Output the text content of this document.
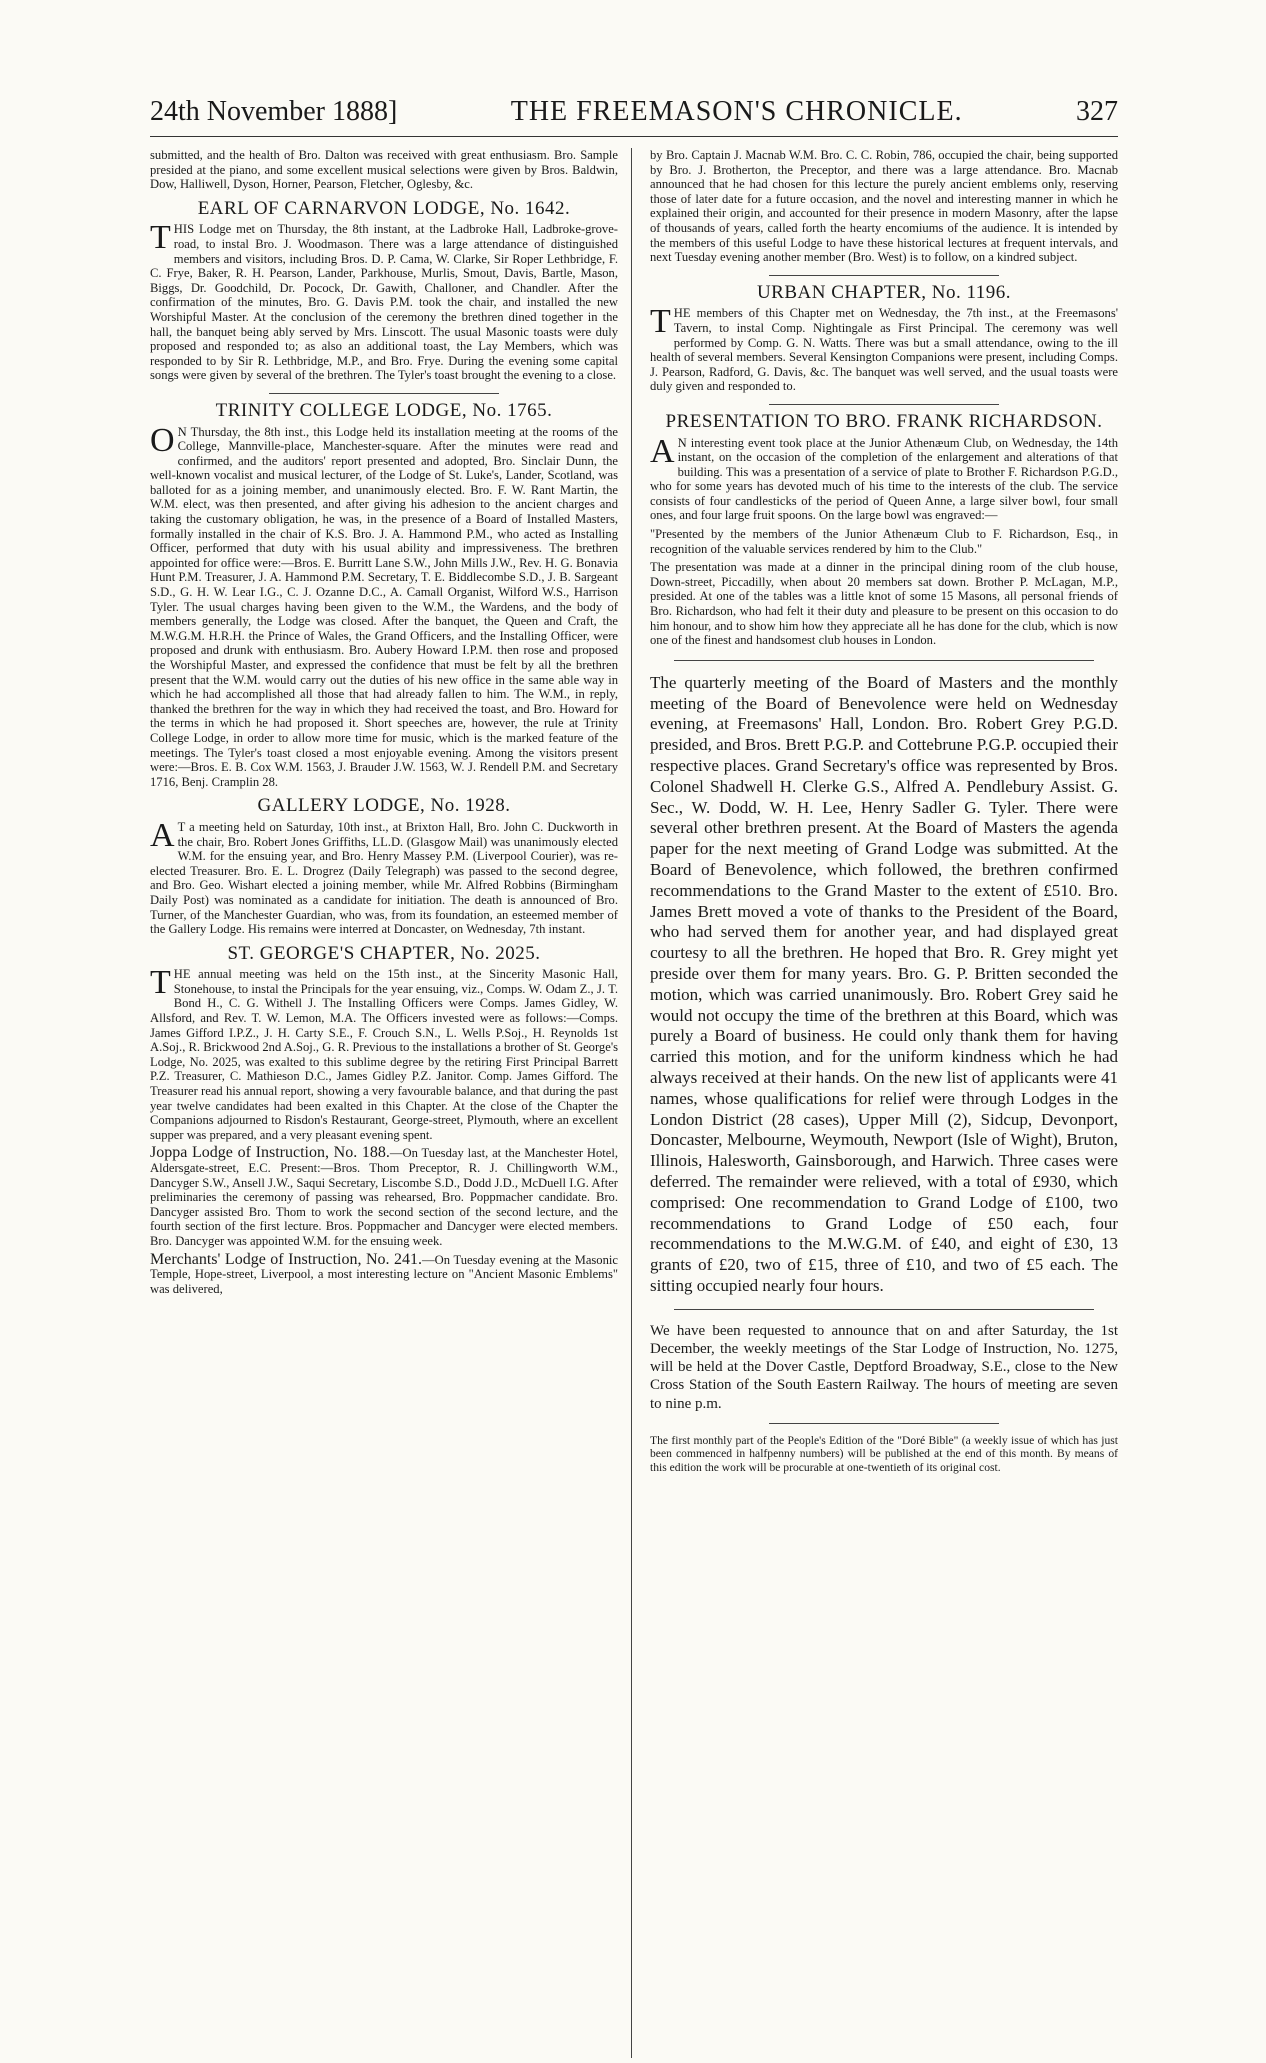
24th November 1888]	THE FREEMASON'S CHRONICLE.	327

submitted, and the health of Bro. Dalton was received with great enthusiasm. Bro. Sample presided at the piano, and some excellent musical selections were given by Bros. Baldwin, Dow, Halliwell, Dyson, Horner, Pearson, Fletcher, Oglesby, &c.

EARL OF CARNARVON LODGE, No. 1642.

THIS Lodge met on Thursday, the 8th instant, at the Ladbroke Hall, Ladbroke-grove-road, to instal Bro. J. Woodmason. There was a large attendance of distinguished members and visitors, including Bros. D. P. Cama, W. Clarke, Sir Roper Lethbridge, F. C. Frye, Baker, R. H. Pearson, Lander, Parkhouse, Murlis, Smout, Davis, Bartle, Mason, Biggs, Dr. Goodchild, Dr. Pocock, Dr. Gawith, Challoner, and Chandler. After the confirmation of the minutes, Bro. G. Davis P.M. took the chair, and installed the new Worshipful Master. At the conclusion of the ceremony the brethren dined together in the hall, the banquet being ably served by Mrs. Linscott. The usual Masonic toasts were duly proposed and responded to; as also an additional toast, the Lay Members, which was responded to by Sir R. Lethbridge, M.P., and Bro. Frye. During the evening some capital songs were given by several of the brethren. The Tyler's toast brought the evening to a close.

TRINITY COLLEGE LODGE, No. 1765.

O N Thursday, the 8th inst., this Lodge held its installation meeting at the rooms of the College, Mannville-place, Manchester-square. After the minutes were read and confirmed, and the auditors' report presented and adopted, Bro. Sinclair Dunn, the well-known vocalist and musical lecturer, of the Lodge of St. Luke's, Lander, Scotland, was balloted for as a joining member, and unanimously elected. Bro. F. W. Rant Martin, the W.M. elect, was then presented, and after giving his adhesion to the ancient charges and taking the customary obligation, he was, in the presence of a Board of Installed Masters, formally installed in the chair of K.S. Bro. J. A. Hammond P.M., who acted as Installing Officer, performed that duty with his usual ability and impressiveness. The brethren appointed for office were:—Bros. E. Burritt Lane S.W., John Mills J.W., Rev. H. G. Bonavia Hunt P.M. Treasurer, J. A. Hammond P.M. Secretary, T. E. Biddlecombe S.D., J. B. Sargeant S.D., G. H. W. Lear I.G., C. J. Ozanne D.C., A. Camall Organist, Wilford W.S., Harrison Tyler. The usual charges having been given to the W.M., the Wardens, and the body of members generally, the Lodge was closed. After the banquet, the Queen and Craft, the M.W.G.M. H.R.H. the Prince of Wales, the Grand Officers, and the Installing Officer, were proposed and drunk with enthusiasm. Bro. Aubery Howard I.P.M. then rose and proposed the Worshipful Master, and expressed the confidence that must be felt by all the brethren present that the W.M. would carry out the duties of his new office in the same able way in which he had accomplished all those that had already fallen to him. The W.M., in reply, thanked the brethren for the way in which they had received the toast, and Bro. Howard for the terms in which he had proposed it. Short speeches are, however, the rule at Trinity College Lodge, in order to allow more time for music, which is the marked feature of the meetings. The Tyler's toast closed a most enjoyable evening. Among the visitors present were:—Bros. E. B. Cox W.M. 1563, J. Brauder J.W. 1563, W. J. Rendell P.M. and Secretary 1716, Benj. Cramplin 28.

GALLERY LODGE, No. 1928.

A T a meeting held on Saturday, 10th inst., at Brixton Hall, Bro. John C. Duckworth in the chair, Bro. Robert Jones Griffiths, LL.D. (Glasgow Mail) was unanimously elected W.M. for the ensuing year, and Bro. Henry Massey P.M. (Liverpool Courier), was re-elected Treasurer. Bro. E. L. Drogrez (Daily Telegraph) was passed to the second degree, and Bro. Geo. Wishart elected a joining member, while Mr. Alfred Robbins (Birmingham Daily Post) was nominated as a candidate for initiation. The death is announced of Bro. Turner, of the Manchester Guardian, who was, from its foundation, an esteemed member of the Gallery Lodge. His remains were interred at Doncaster, on Wednesday, 7th instant.

ST. GEORGE'S CHAPTER, No. 2025.

THE annual meeting was held on the 15th inst., at the Sincerity Masonic Hall, Stonehouse, to instal the Principals for the year ensuing, viz., Comps. W. Odam Z., J. T. Bond H., C. G. Withell J. The Installing Officers were Comps. James Gidley, W. Allsford, and Rev. T. W. Lemon, M.A. The Officers invested were as follows:—Comps. James Gifford I.P.Z., J. H. Carty S.E., F. Crouch S.N., L. Wells P.Soj., H. Reynolds 1st A.Soj., R. Brickwood 2nd A.Soj., G. R. Previous to the installations a brother of St. George's Lodge, No. 2025, was exalted to this sublime degree by the retiring First Principal Barrett P.Z. Treasurer, C. Mathieson D.C., James Gidley P.Z. Janitor. Comp. James Gifford. The Treasurer read his annual report, showing a very favourable balance, and that during the past year twelve candidates had been exalted in this Chapter. At the close of the Chapter the Companions adjourned to Risdon's Restaurant, George-street, Plymouth, where an excellent supper was prepared, and a very pleasant evening spent.

Joppa Lodge of Instruction, No. 188.—On Tuesday last, at the Manchester Hotel, Aldersgate-street, E.C. Present:—Bros. Thom Preceptor, R. J. Chillingworth W.M., Dancyger S.W., Ansell J.W., Saqui Secretary, Liscombe S.D., Dodd J.D., McDuell I.G. After preliminaries the ceremony of passing was rehearsed, Bro. Poppmacher candidate. Bro. Dancyger assisted Bro. Thom to work the second section of the second lecture, and the fourth section of the first lecture. Bros. Poppmacher and Dancyger were elected members. Bro. Dancyger was appointed W.M. for the ensuing week.

Merchants' Lodge of Instruction, No. 241.—On Tuesday evening at the Masonic Temple, Hope-street, Liverpool, a most interesting lecture on "Ancient Masonic Emblems" was delivered,

by Bro. Captain J. Macnab W.M. Bro. C. C. Robin, 786, occupied the chair, being supported by Bro. J. Brotherton, the Preceptor, and there was a large attendance. Bro. Macnab announced that he had chosen for this lecture the purely ancient emblems only, reserving those of later date for a future occasion, and the novel and interesting manner in which he explained their origin, and accounted for their presence in modern Masonry, after the lapse of thousands of years, called forth the hearty encomiums of the audience. It is intended by the members of this useful Lodge to have these historical lectures at frequent intervals, and next Tuesday evening another member (Bro. West) is to follow, on a kindred subject.

URBAN CHAPTER, No. 1196.

THE members of this Chapter met on Wednesday, the 7th inst., at the Freemasons' Tavern, to instal Comp. Nightingale as First Principal. The ceremony was well performed by Comp. G. N. Watts. There was but a small attendance, owing to the ill health of several members. Several Kensington Companions were present, including Comps. J. Pearson, Radford, G. Davis, &c. The banquet was well served, and the usual toasts were duly given and responded to.

PRESENTATION TO BRO. FRANK RICHARDSON.

A N interesting event took place at the Junior Athenæum Club, on Wednesday, the 14th instant, on the occasion of the completion of the enlargement and alterations of that building. This was a presentation of a service of plate to Brother F. Richardson P.G.D., who for some years has devoted much of his time to the interests of the club. The service consists of four candlesticks of the period of Queen Anne, a large silver bowl, four small ones, and four large fruit spoons. On the large bowl was engraved:—

"Presented by the members of the Junior Athenæum Club to F. Richardson, Esq., in recognition of the valuable services rendered by him to the Club."

The presentation was made at a dinner in the principal dining room of the club house, Down-street, Piccadilly, when about 20 members sat down. Brother P. McLagan, M.P., presided. At one of the tables was a little knot of some 15 Masons, all personal friends of Bro. Richardson, who had felt it their duty and pleasure to be present on this occasion to do him honour, and to show him how they appreciate all he has done for the club, which is now one of the finest and handsomest club houses in London.

The quarterly meeting of the Board of Masters and the monthly meeting of the Board of Benevolence were held on Wednesday evening, at Freemasons' Hall, London. Bro. Robert Grey P.G.D. presided, and Bros. Brett P.G.P. and Cottebrune P.G.P. occupied their respective places. Grand Secretary's office was represented by Bros. Colonel Shadwell H. Clerke G.S., Alfred A. Pendlebury Assist. G. Sec., W. Dodd, W. H. Lee, Henry Sadler G. Tyler. There were several other brethren present. At the Board of Masters the agenda paper for the next meeting of Grand Lodge was submitted. At the Board of Benevolence, which followed, the brethren confirmed recommendations to the Grand Master to the extent of £510. Bro. James Brett moved a vote of thanks to the President of the Board, who had served them for another year, and had displayed great courtesy to all the brethren. He hoped that Bro. R. Grey might yet preside over them for many years. Bro. G. P. Britten seconded the motion, which was carried unanimously. Bro. Robert Grey said he would not occupy the time of the brethren at this Board, which was purely a Board of business. He could only thank them for having carried this motion, and for the uniform kindness which he had always received at their hands. On the new list of applicants were 41 names, whose qualifications for relief were through Lodges in the London District (28 cases), Upper Mill (2), Sidcup, Devonport, Doncaster, Melbourne, Weymouth, Newport (Isle of Wight), Bruton, Illinois, Halesworth, Gainsborough, and Harwich. Three cases were deferred. The remainder were relieved, with a total of £930, which comprised: One recommendation to Grand Lodge of £100, two recommendations to Grand Lodge of £50 each, four recommendations to the M.W.G.M. of £40, and eight of £30, 13 grants of £20, two of £15, three of £10, and two of £5 each. The sitting occupied nearly four hours.

We have been requested to announce that on and after Saturday, the 1st December, the weekly meetings of the Star Lodge of Instruction, No. 1275, will be held at the Dover Castle, Deptford Broadway, S.E., close to the New Cross Station of the South Eastern Railway. The hours of meeting are seven to nine p.m.

The first monthly part of the People's Edition of the "Doré Bible" (a weekly issue of which has just been commenced in halfpenny numbers) will be published at the end of this month. By means of this edition the work will be procurable at one-twentieth of its original cost.
